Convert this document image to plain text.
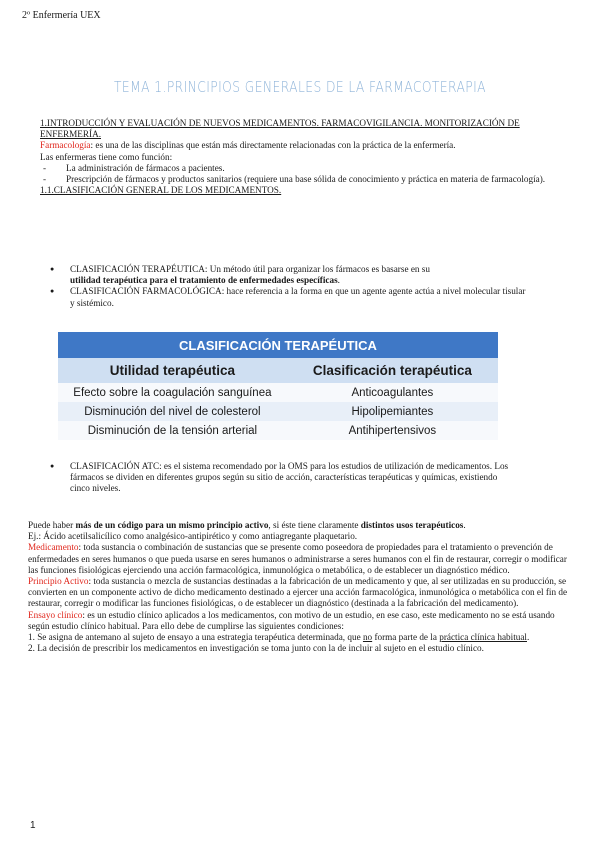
2º Enfermería UEX
TEMA 1.PRINCIPIOS GENERALES DE LA FARMACOTERAPIA
1.INTRODUCCIÓN Y EVALUACIÓN DE NUEVOS MEDICAMENTOS. FARMACOVIGILANCIA. MONITORIZACIÓN DE ENFERMERÍA.
Farmacología: es una de las disciplinas que están más directamente relacionadas con la práctica de la enfermería.
Las enfermeras tiene como función:
- La administración de fármacos a pacientes.
- Prescripción de fármacos y productos sanitarios (requiere una base sólida de conocimiento y práctica en materia de farmacología).
1.1.CLASIFICACIÓN GENERAL DE LOS MEDICAMENTOS.
● CLASIFICACIÓN TERAPÉUTICA: Un método útil para organizar los fármacos es basarse en su
utilidad terapéutica para el tratamiento de enfermedades específicas.
● CLASIFICACIÓN FARMACOLÓGICA: hace referencia a la forma en que un agente agente actúa a nivel molecular tisular y sistémico.
CLASIFICACIÓN TERAPÉUTICA	
Utilidad terapéutica	Clasificación terapéutica
Efecto sobre la coagulación sanguínea	Anticoagulantes
Disminución del nivel de colesterol	Hipolipemiantes
Disminución de la tensión arterial	Antihipertensivos
● CLASIFICACIÓN ATC: es el sistema recomendado por la OMS para los estudios de utilización de medicamentos. Los fármacos se dividen en diferentes grupos según su sitio de acción, características terapéuticas y químicas, existiendo cinco niveles.
Puede haber más de un código para un mismo principio activo, si éste tiene claramente distintos usos terapéuticos.
Ej.: Ácido acetilsalicílico como analgésico-antipirético y como antiagregante plaquetario.
Medicamento: toda sustancia o combinación de sustancias que se presente como poseedora de propiedades para el tratamiento o prevención de enfermedades en seres humanos o que pueda usarse en seres humanos o administrarse a seres humanos con el fin de restaurar, corregir o modificar las funciones fisiológicas ejerciendo una acción farmacológica, inmunológica o metabólica, o de establecer un diagnóstico médico.
Principio Activo: toda sustancia o mezcla de sustancias destinadas a la fabricación de un medicamento y que, al ser utilizadas en su producción, se convierten en un componente activo de dicho medicamento destinado a ejercer una acción farmacológica, inmunológica o metabólica con el fin de restaurar, corregir o modificar las funciones fisiológicas, o de establecer un diagnóstico (destinada a la fabricación del medicamento).
Ensayo clínico: es un estudio clínico aplicados a los medicamentos, con motivo de un estudio, en ese caso, este medicamento no se está usando según estudio clínico habitual. Para ello debe de cumplirse las siguientes condiciones:
1. Se asigna de antemano al sujeto de ensayo a una estrategia terapéutica determinada, que no forma parte de la práctica clínica habitual.
2. La decisión de prescribir los medicamentos en investigación se toma junto con la de incluir al sujeto en el estudio clínico.
1
